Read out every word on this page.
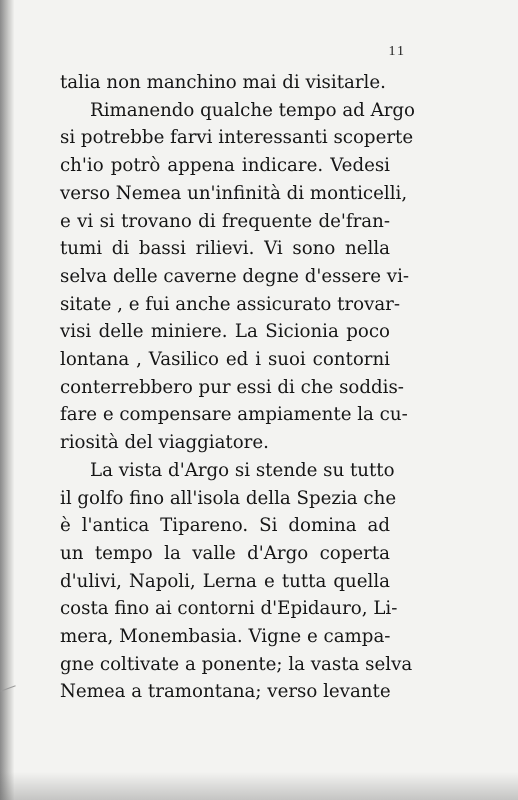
11
talia non manchino mai di visitarle.
Rimanendo qualche tempo ad Argo
si potrebbe farvi interessanti scoperte
ch'io potrò appena indicare. Vedesi
verso Nemea un'infinità di monticelli,
e vi si trovano di frequente de'fran-
tumi di bassi rilievi. Vi sono nella
selva delle caverne degne d'essere vi-
sitate , e fui anche assicurato trovar-
visi delle miniere. La Sicionia poco
lontana , Vasilico ed i suoi contorni
conterrebbero pur essi di che soddis-
fare e compensare ampiamente la cu-
riosità del viaggiatore.
La vista d'Argo si stende su tutto
il golfo fino all'isola della Spezia che
è l'antica Tipareno. Si domina ad
un tempo la valle d'Argo coperta
d'ulivi, Napoli, Lerna e tutta quella
costa fino ai contorni d'Epidauro, Li-
mera, Monembasia. Vigne e campa-
gne coltivate a ponente; la vasta selva
Nemea a tramontana; verso levante
